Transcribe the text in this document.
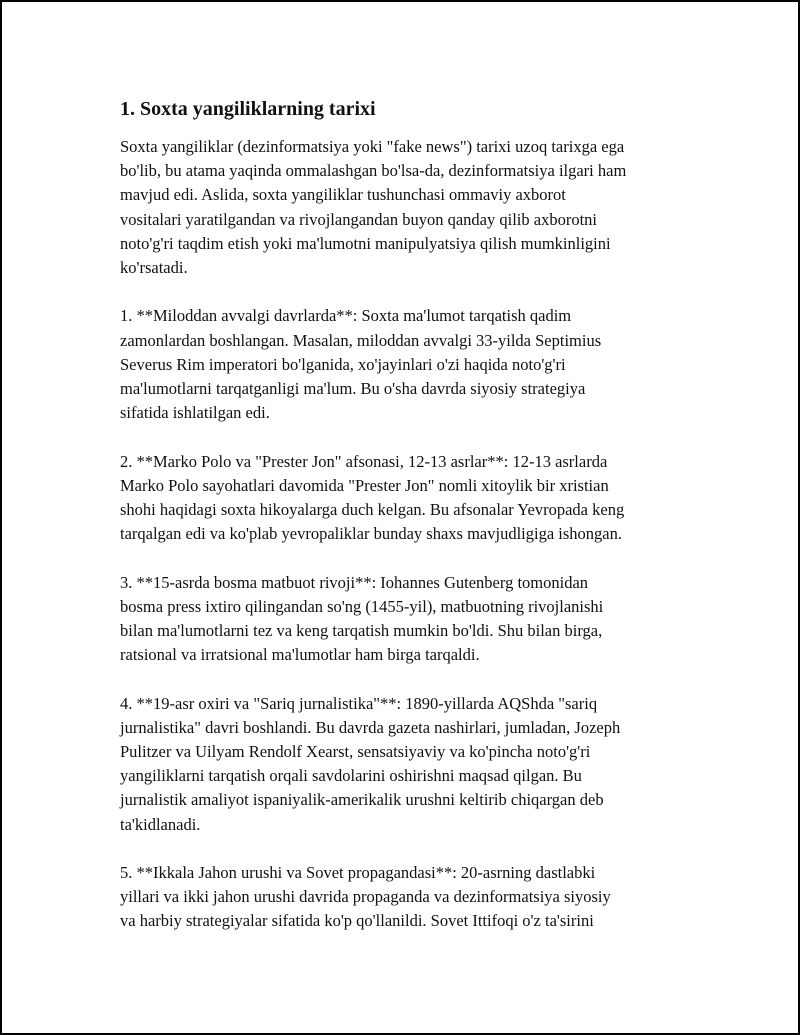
1. Soxta yangiliklarning tarixi
Soxta yangiliklar (dezinformatsiya yoki "fake news") tarixi uzoq tarixga ega
bo'lib, bu atama yaqinda ommalashgan bo'lsa-da, dezinformatsiya ilgari ham
mavjud edi. Aslida, soxta yangiliklar tushunchasi ommaviy axborot
vositalari yaratilgandan va rivojlangandan buyon qanday qilib axborotni
noto'g'ri taqdim etish yoki ma'lumotni manipulyatsiya qilish mumkinligini
ko'rsatadi.
1. **Miloddan avvalgi davrlarda**: Soxta ma'lumot tarqatish qadim
zamonlardan boshlangan. Masalan, miloddan avvalgi 33-yilda Septimius
Severus Rim imperatori bo'lganida, xo'jayinlari o'zi haqida noto'g'ri
ma'lumotlarni tarqatganligi ma'lum. Bu o'sha davrda siyosiy strategiya
sifatida ishlatilgan edi.
2. **Marko Polo va "Prester Jon" afsonasi, 12-13 asrlar**: 12-13 asrlarda
Marko Polo sayohatlari davomida "Prester Jon" nomli xitoylik bir xristian
shohi haqidagi soxta hikoyalarga duch kelgan. Bu afsonalar Yevropada keng
tarqalgan edi va ko'plab yevropaliklar bunday shaxs mavjudligiga ishongan.
3. **15-asrda bosma matbuot rivoji**: Iohannes Gutenberg tomonidan
bosma press ixtiro qilingandan so'ng (1455-yil), matbuotning rivojlanishi
bilan ma'lumotlarni tez va keng tarqatish mumkin bo'ldi. Shu bilan birga,
ratsional va irratsional ma'lumotlar ham birga tarqaldi.
4. **19-asr oxiri va "Sariq jurnalistika"**: 1890-yillarda AQShda "sariq
jurnalistika" davri boshlandi. Bu davrda gazeta nashirlari, jumladan, Jozeph
Pulitzer va Uilyam Rendolf Xearst, sensatsiyaviy va ko'pincha noto'g'ri
yangiliklarni tarqatish orqali savdolarini oshirishni maqsad qilgan. Bu
jurnalistik amaliyot ispaniyalik-amerikalik urushni keltirib chiqargan deb
ta'kidlanadi.
5. **Ikkala Jahon urushi va Sovet propagandasi**: 20-asrning dastlabki
yillari va ikki jahon urushi davrida propaganda va dezinformatsiya siyosiy
va harbiy strategiyalar sifatida ko'p qo'llanildi. Sovet Ittifoqi o'z ta'sirini
